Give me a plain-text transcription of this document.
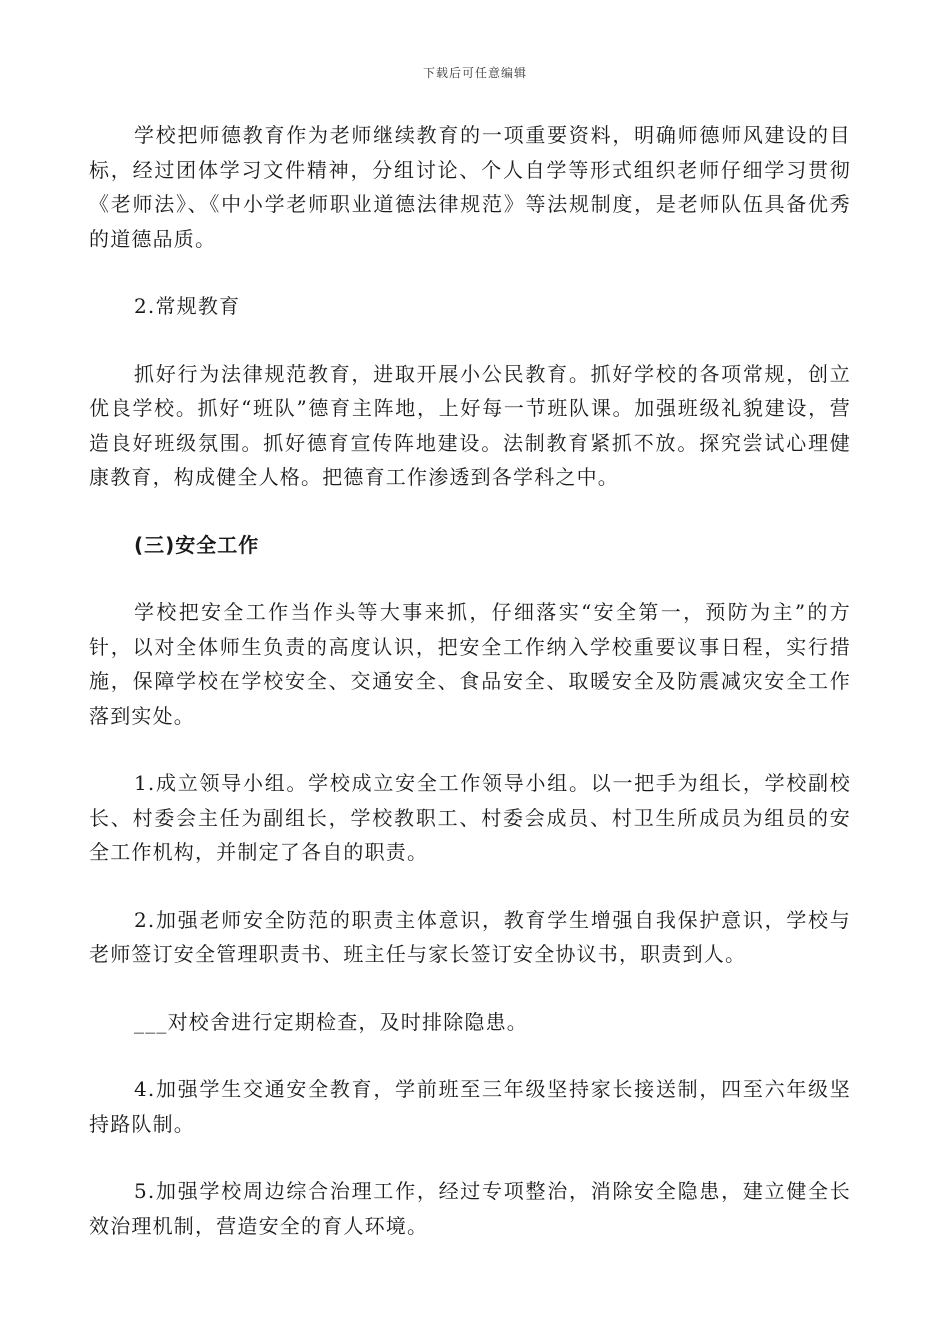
下载后可任意编辑

学校把师德教育作为老师继续教育的一项重要资料，明确师德师风建设的目标，经过团体学习文件精神，分组讨论、个人自学等形式组织老师仔细学习贯彻《老师法》、《中小学老师职业道德法律规范》等法规制度，是老师队伍具备优秀的道德品质。

2.常规教育

抓好行为法律规范教育，进取开展小公民教育。抓好学校的各项常规，创立优良学校。抓好“班队”德育主阵地，上好每一节班队课。加强班级礼貌建设，营造良好班级氛围。抓好德育宣传阵地建设。法制教育紧抓不放。探究尝试心理健康教育，构成健全人格。把德育工作渗透到各学科之中。

(三)安全工作

学校把安全工作当作头等大事来抓，仔细落实“安全第一，预防为主”的方针，以对全体师生负责的高度认识，把安全工作纳入学校重要议事日程，实行措施，保障学校在学校安全、交通安全、食品安全、取暖安全及防震减灾安全工作落到实处。

1.成立领导小组。学校成立安全工作领导小组。以一把手为组长，学校副校长、村委会主任为副组长，学校教职工、村委会成员、村卫生所成员为组员的安全工作机构，并制定了各自的职责。

2.加强老师安全防范的职责主体意识，教育学生增强自我保护意识，学校与老师签订安全管理职责书、班主任与家长签订安全协议书，职责到人。

___对校舍进行定期检查，及时排除隐患。

4.加强学生交通安全教育，学前班至三年级坚持家长接送制，四至六年级坚持路队制。

5.加强学校周边综合治理工作，经过专项整治，消除安全隐患，建立健全长效治理机制，营造安全的育人环境。
